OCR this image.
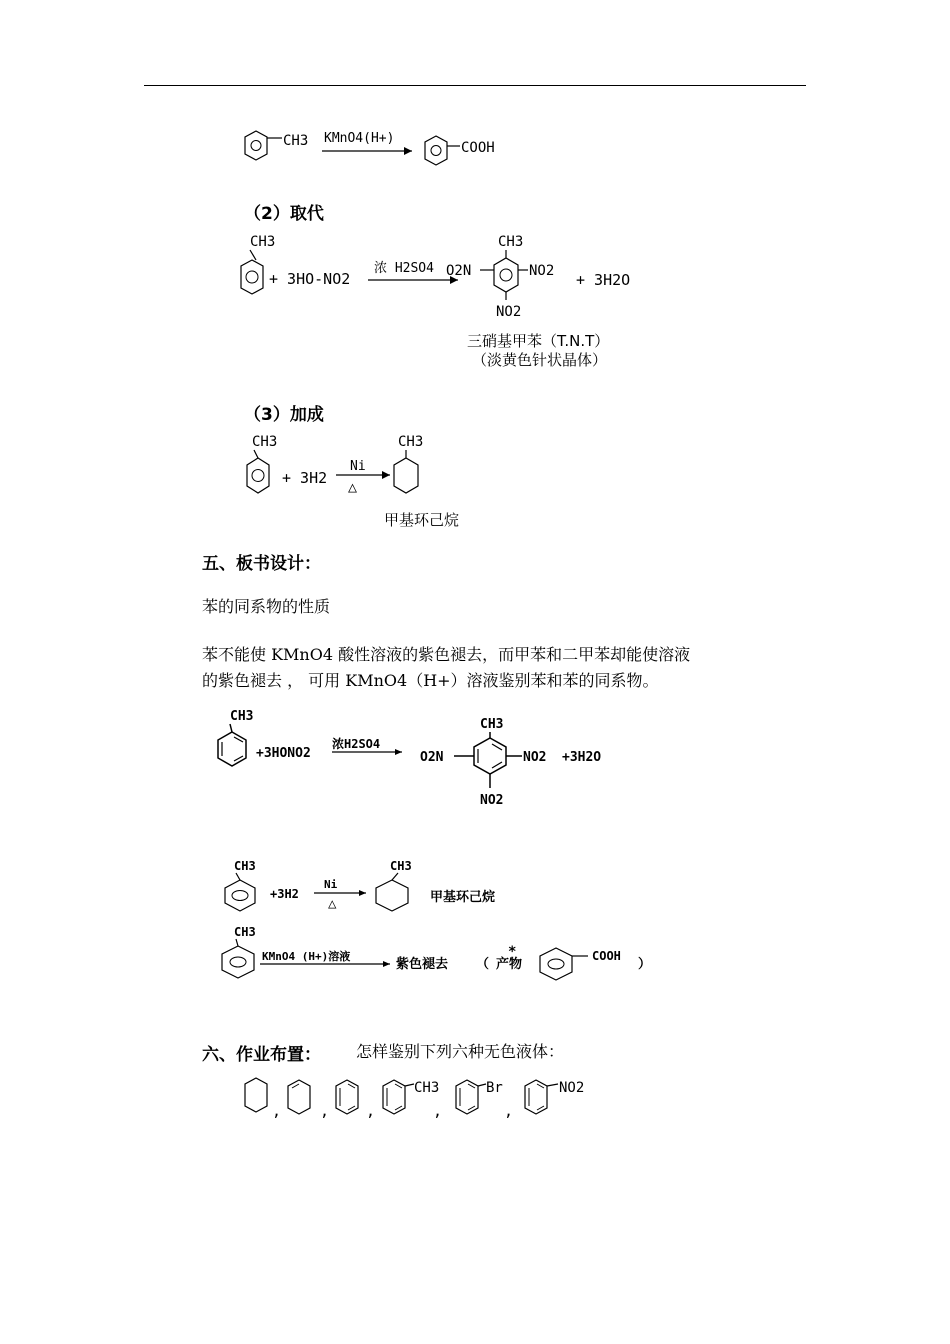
CH3 KMnO4(H+)
COOH
（2）取代
CH3
+ 3HO-NO2
浓 H2SO4
CH3
O2N	NO2
NO2
+ 3H2O
三硝基甲苯（T.N.T）
（淡黄色针状晶体）
（3）加成
CH3
+ 3H2
Ni
△
CH3
甲基环己烷
五、板书设计：
苯的同系物的性质
苯不能使 KMnO4 酸性溶液的紫色褪去，而甲苯和二甲苯却能使溶液
的紫色褪去 ， 可用 KMnO4（H+）溶液鉴别苯和苯的同系物。
CH3
+3HONO2
浓H2SO4
CH3
O2N	NO2
NO2
+3H2O
CH3
+3H2
Ni
△
CH3
甲基环己烷
CH3
KMnO4 (H+)溶液
紫色褪去 （
*
产物
COOH
）
六、作业布置： 怎样鉴别下列六种无色液体：
,	, ,
CH3
,
Br
,
NO2
